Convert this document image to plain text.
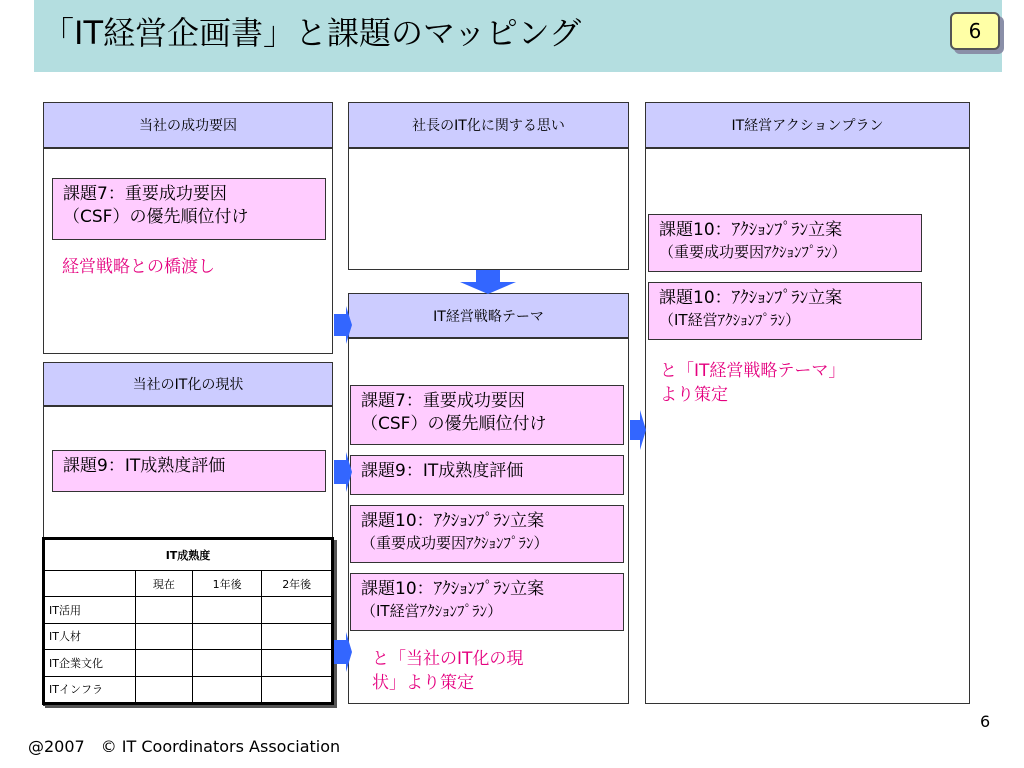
「IT経営企画書」と課題のマッピング	6
当社の成功要因
課題7：重要成功要因
（CSF）の優先順位付け
経営戦略との橋渡し
当社のIT化の現状
課題9：IT成熟度評価
IT成熟度			
	現在	1年後	2年後
IT活用			
IT人材			
IT企業文化			
ITインフラ			
社長のIT化に関する思い
IT経営戦略テーマ
課題7：重要成功要因
（CSF）の優先順位付け
課題9：IT成熟度評価
課題10：ｱｸｼｮﾝﾌﾟﾗﾝ立案
（重要成功要因ｱｸｼｮﾝﾌﾟﾗﾝ）
課題10：ｱｸｼｮﾝﾌﾟﾗﾝ立案
（IT経営ｱｸｼｮﾝﾌﾟﾗﾝ）
と「当社のIT化の現
状」より策定
IT経営アクションプラン
課題10：ｱｸｼｮﾝﾌﾟﾗﾝ立案
（重要成功要因ｱｸｼｮﾝﾌﾟﾗﾝ）
課題10：ｱｸｼｮﾝﾌﾟﾗﾝ立案
（IT経営ｱｸｼｮﾝﾌﾟﾗﾝ）
と「IT経営戦略テーマ」
より策定
6
@2007　© IT Coordinators Association
